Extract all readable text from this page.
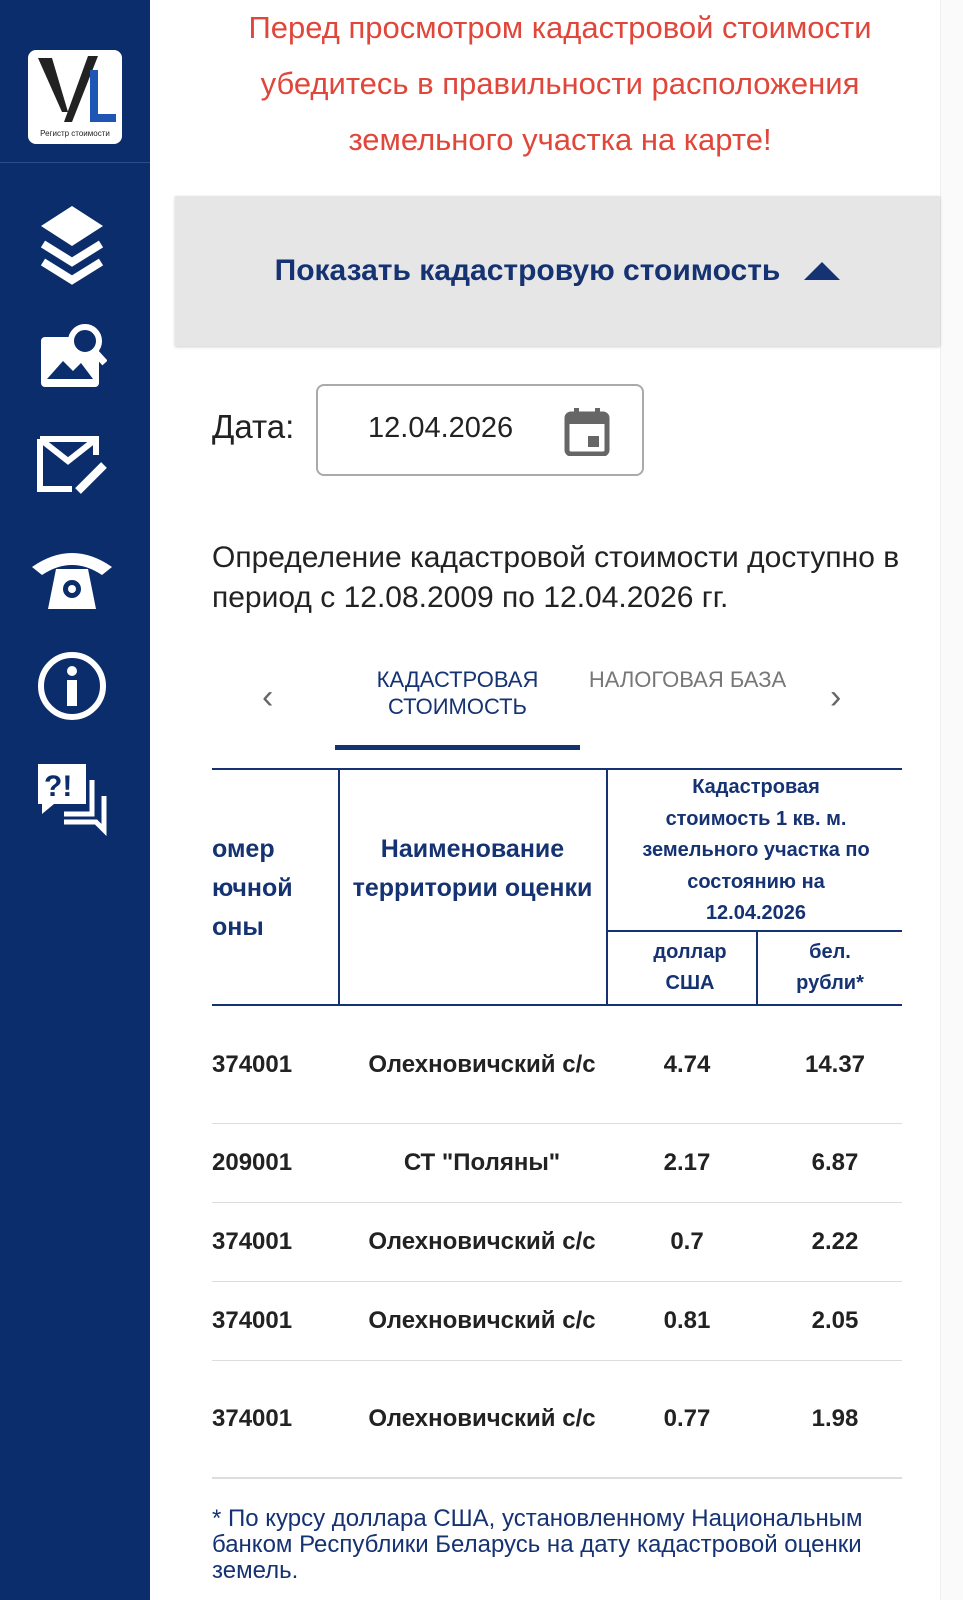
Регистр стоимости
?!
Перед просмотром кадастровой стоимости
убедитесь в правильности расположения
земельного участка на карте!
Показать кадастровую стоимость
Дата:	12.04.2026
Определение кадастровой стоимости доступно в период с 12.08.2009 по 12.04.2026 гг.
‹	КАДАСТРОВАЯ СТОИМОСТЬ
НАЛОГОВАЯ БАЗА ›
омер
ючной
оны
Наименование территории оценки
Кадастровая стоимость 1 кв. м. земельного участка по состоянию на 12.04.2026
доллар США
бел. рубли*
374001	Олехновичский с/с	4.74	14.37
209001	СТ "Поляны"	2.17	6.87
374001	Олехновичский с/с	0.7	2.22
374001	Олехновичский с/с	0.81	2.05
374001	Олехновичский с/с	0.77	1.98
* По курсу доллара США, установленному Национальным банком Республики Беларусь на дату кадастровой оценки земель.
